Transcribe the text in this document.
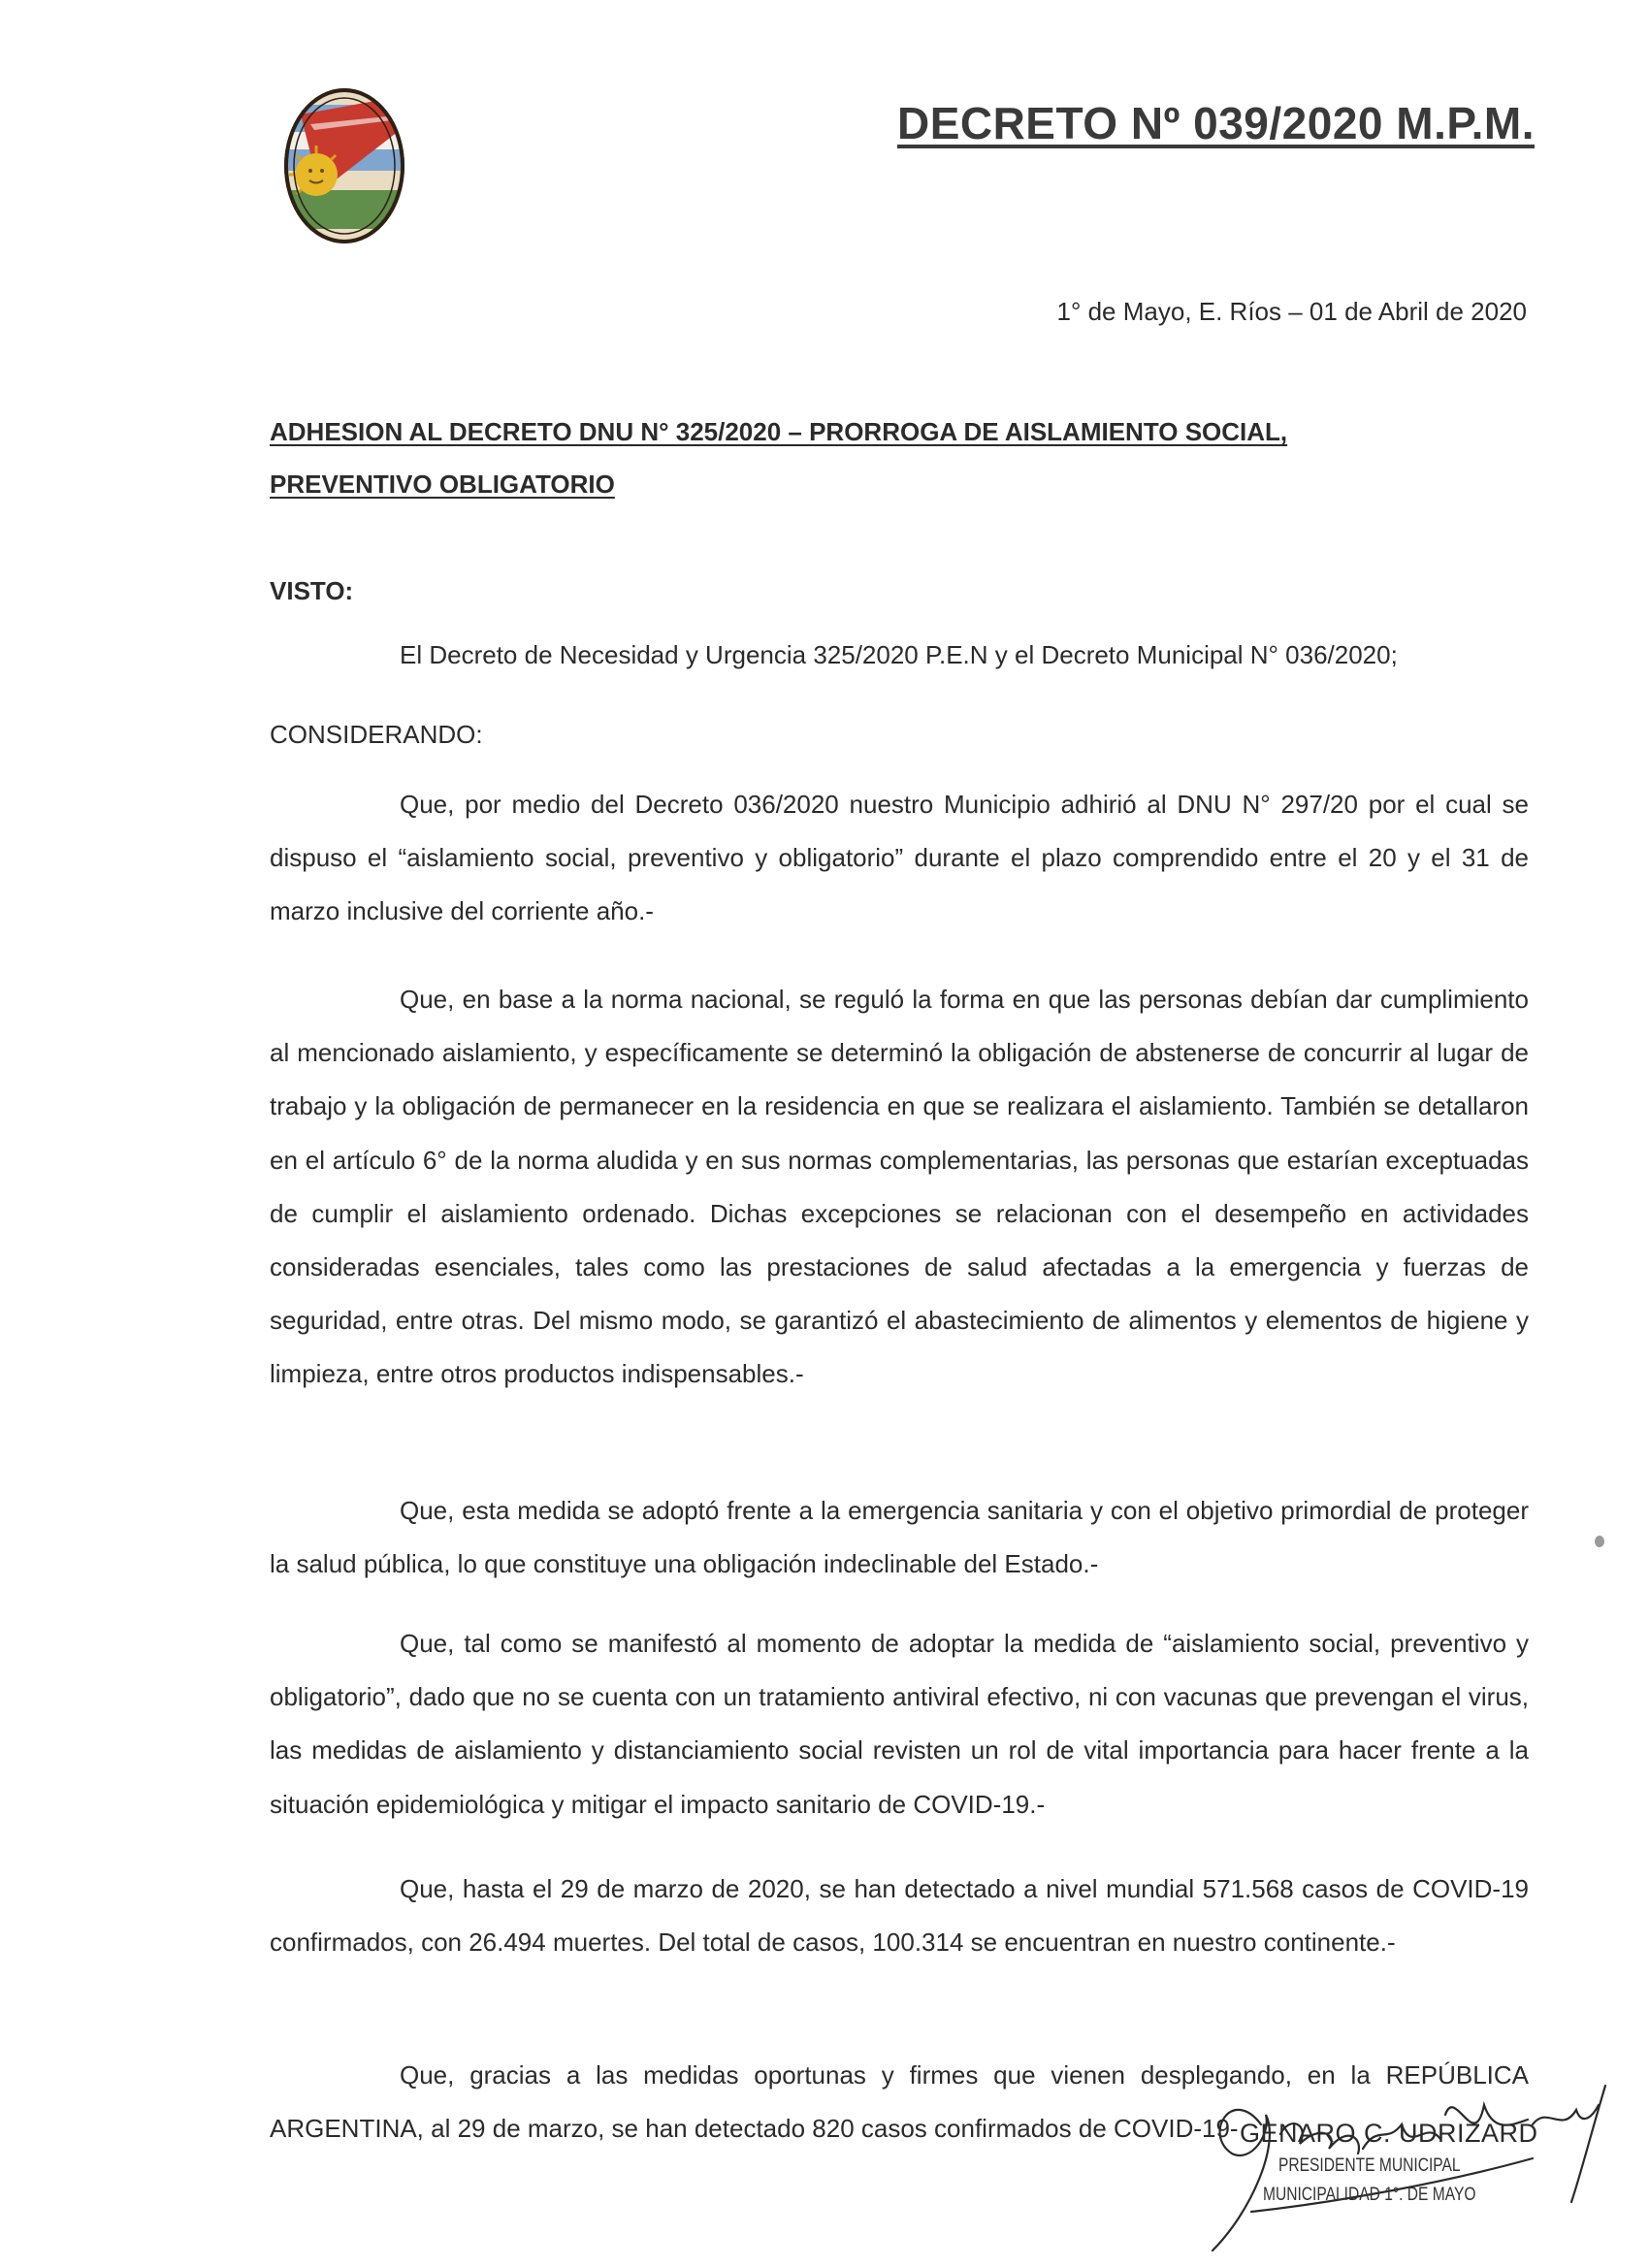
DECRETO Nº 039/2020 M.P.M.
1° de Mayo, E. Ríos – 01 de Abril de 2020
ADHESION AL DECRETO DNU N° 325/2020 – PRORROGA DE AISLAMIENTO SOCIAL, PREVENTIVO OBLIGATORIO
VISTO:
El Decreto de Necesidad y Urgencia 325/2020 P.E.N y el Decreto Municipal N° 036/2020;
CONSIDERANDO:

Que, por medio del Decreto 036/2020 nuestro Municipio adhirió al DNU N° 297/20 por el cual se dispuso el “aislamiento social, preventivo y obligatorio” durante el plazo comprendido entre el 20 y el 31 de marzo inclusive del corriente año.-

Que, en base a la norma nacional, se reguló la forma en que las personas debían dar cumplimiento al mencionado aislamiento, y específicamente se determinó la obligación de abstenerse de concurrir al lugar de trabajo y la obligación de permanecer en la residencia en que se realizara el aislamiento. También se detallaron en el artículo 6° de la norma aludida y en sus normas complementarias, las personas que estarían exceptuadas de cumplir el aislamiento ordenado. Dichas excepciones se relacionan con el desempeño en actividades consideradas esenciales, tales como las prestaciones de salud afectadas a la emergencia y fuerzas de seguridad, entre otras. Del mismo modo, se garantizó el abastecimiento de alimentos y elementos de higiene y limpieza, entre otros productos indispensables.-

Que, esta medida se adoptó frente a la emergencia sanitaria y con el objetivo primordial de proteger la salud pública, lo que constituye una obligación indeclinable del Estado.-

Que, tal como se manifestó al momento de adoptar la medida de “aislamiento social, preventivo y obligatorio”, dado que no se cuenta con un tratamiento antiviral efectivo, ni con vacunas que prevengan el virus, las medidas de aislamiento y distanciamiento social revisten un rol de vital importancia para hacer frente a la situación epidemiológica y mitigar el impacto sanitario de COVID-19.-

Que, hasta el 29 de marzo de 2020, se han detectado a nivel mundial 571.568 casos de COVID-19 confirmados, con 26.494 muertes. Del total de casos, 100.314 se encuentran en nuestro continente.-

Que, gracias a las medidas oportunas y firmes que vienen desplegando, en la REPÚBLICA ARGENTINA, al 29 de marzo, se han detectado 820 casos confirmados de COVID-19- GENARO C. UDRIZARD
PRESIDENTE MUNICIPAL
MUNICIPALIDAD 1°. DE MAYO
